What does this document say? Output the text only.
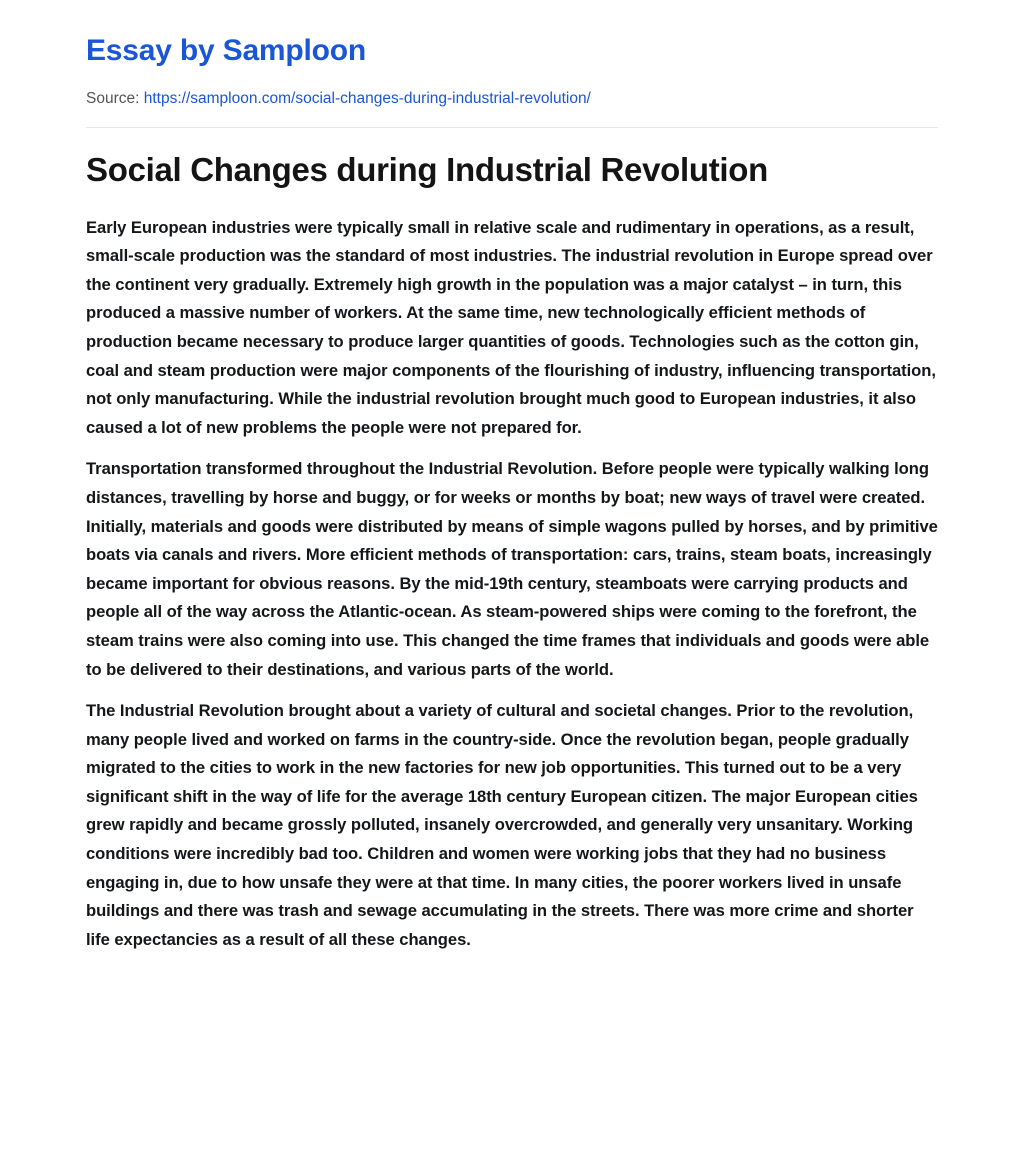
Essay by Samploon
Source: https://samploon.com/social-changes-during-industrial-revolution/
Social Changes during Industrial Revolution

Early European industries were typically small in relative scale and rudimentary in operations, as a result, small-scale production was the standard of most industries. The industrial revolution in Europe spread over the continent very gradually. Extremely high growth in the population was a major catalyst – in turn, this produced a massive number of workers. At the same time, new technologically efficient methods of production became necessary to produce larger quantities of goods. Technologies such as the cotton gin, coal and steam production were major components of the flourishing of industry, influencing transportation, not only manufacturing. While the industrial revolution brought much good to European industries, it also caused a lot of new problems the people were not prepared for.

Transportation transformed throughout the Industrial Revolution. Before people were typically walking long distances, travelling by horse and buggy, or for weeks or months by boat; new ways of travel were created. Initially, materials and goods were distributed by means of simple wagons pulled by horses, and by primitive boats via canals and rivers. More efficient methods of transportation: cars, trains, steam boats, increasingly became important for obvious reasons. By the mid-19th century, steamboats were carrying products and people all of the way across the Atlantic-ocean. As steam-powered ships were coming to the forefront, the steam trains were also coming into use. This changed the time frames that individuals and goods were able to be delivered to their destinations, and various parts of the world.

The Industrial Revolution brought about a variety of cultural and societal changes. Prior to the revolution, many people lived and worked on farms in the country-side. Once the revolution began, people gradually migrated to the cities to work in the new factories for new job opportunities. This turned out to be a very significant shift in the way of life for the average 18th century European citizen. The major European cities grew rapidly and became grossly polluted, insanely overcrowded, and generally very unsanitary. Working conditions were incredibly bad too. Children and women were working jobs that they had no business engaging in, due to how unsafe they were at that time. In many cities, the poorer workers lived in unsafe buildings and there was trash and sewage accumulating in the streets. There was more crime and shorter life expectancies as a result of all these changes.
